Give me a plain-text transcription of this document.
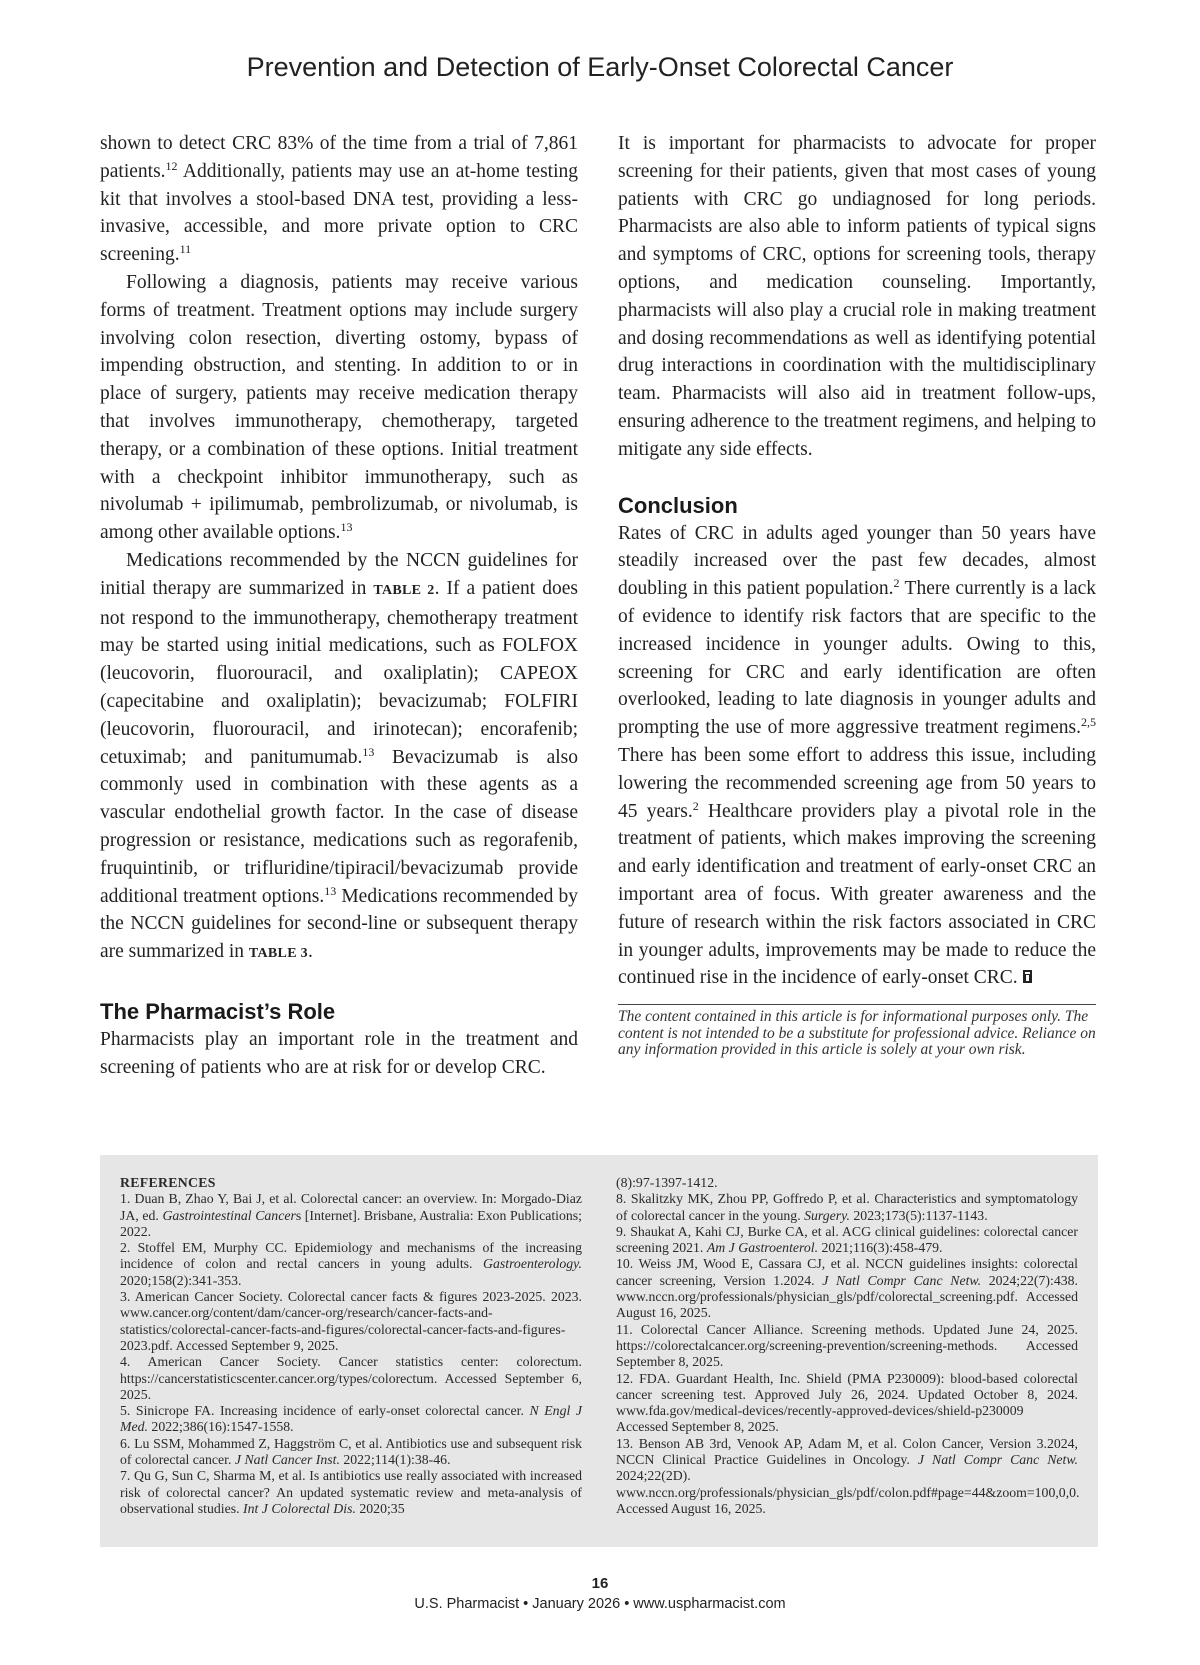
Prevention and Detection of Early-Onset Colorectal Cancer

shown to detect CRC 83% of the time from a trial of 7,861 patients.$^{12}$ Additionally, patients may use an at-home testing kit that involves a stool-based DNA test, providing a less-invasive, accessible, and more private option to CRC screening.$^{11}$

Following a diagnosis, patients may receive various forms of treatment. Treatment options may include surgery involving colon resection, diverting ostomy, bypass of impending obstruction, and stenting. In addition to or in place of surgery, patients may receive medication therapy that involves immunotherapy, chemotherapy, targeted therapy, or a combination of these options. Initial treatment with a checkpoint inhibitor immunotherapy, such as nivolumab + ipilimumab, pembrolizumab, or nivolumab, is among other available options.$^{13}$

Medications recommended by the NCCN guidelines for initial therapy are summarized in TABLE 2. If a patient does not respond to the immunotherapy, chemotherapy treatment may be started using initial medications, such as FOLFOX (leucovorin, fluorouracil, and oxaliplatin); CAPEOX (capecitabine and oxaliplatin); bevacizumab; FOLFIRI (leucovorin, fluorouracil, and irinotecan); encorafenib; cetuximab; and panitumumab.$^{13}$ Bevacizumab is also commonly used in combination with these agents as a vascular endothelial growth factor. In the case of disease progression or resistance, medications such as regorafenib, fruquintinib, or trifluridine/tipiracil/bevacizumab provide additional treatment options.$^{13}$ Medications recommended by the NCCN guidelines for second-line or subsequent therapy are summarized in TABLE 3.

The Pharmacist’s Role

Pharmacists play an important role in the treatment and screening of patients who are at risk for or develop CRC.

It is important for pharmacists to advocate for proper screening for their patients, given that most cases of young patients with CRC go undiagnosed for long periods. Pharmacists are also able to inform patients of typical signs and symptoms of CRC, options for screening tools, therapy options, and medication counseling. Importantly, pharmacists will also play a crucial role in making treatment and dosing recommendations as well as identifying potential drug interactions in coordination with the multidisciplinary team. Pharmacists will also aid in treatment follow-ups, ensuring adherence to the treatment regimens, and helping to mitigate any side effects.

Conclusion

Rates of CRC in adults aged younger than 50 years have steadily increased over the past few decades, almost doubling in this patient population.$^2$ There currently is a lack of evidence to identify risk factors that are specific to the increased incidence in younger adults. Owing to this, screening for CRC and early identification are often overlooked, leading to late diagnosis in younger adults and prompting the use of more aggressive treatment regimens.$^{2,5}$ There has been some effort to address this issue, including lowering the recommended screening age from 50 years to 45 years.$^2$ Healthcare providers play a pivotal role in the treatment of patients, which makes improving the screening and early identification and treatment of early-onset CRC an important area of focus. With greater awareness and the future of research within the risk factors associated in CRC in younger adults, improvements may be made to reduce the continued rise in the incidence of early-onset CRC.

The content contained in this article is for informational purposes only. The content is not intended to be a substitute for professional advice. Reliance on any information provided in this article is solely at your own risk.

REFERENCES

1. Duan B, Zhao Y, Bai J, et al. Colorectal cancer: an overview. In: Morgado-Diaz JA, ed. Gastrointestinal Cancers [Internet]. Brisbane, Australia: Exon Publications; 2022.

2. Stoffel EM, Murphy CC. Epidemiology and mechanisms of the increasing incidence of colon and rectal cancers in young adults. Gastroenterology. 2020;158(2):341-353.

3. American Cancer Society. Colorectal cancer facts & figures 2023-2025. 2023. www.cancer.org/content/dam/cancer-org/research/cancer-facts-and-statistics/colorectal-cancer-facts-and-figures/colorectal-cancer-facts-and-figures-2023.pdf. Accessed September 9, 2025.

4. American Cancer Society. Cancer statistics center: colorectum. https://cancerstatisticscenter.cancer.org/types/colorectum. Accessed September 6, 2025.

5. Sinicrope FA. Increasing incidence of early-onset colorectal cancer. N Engl J Med. 2022;386(16):1547-1558.

6. Lu SSM, Mohammed Z, Haggström C, et al. Antibiotics use and subsequent risk of colorectal cancer. J Natl Cancer Inst. 2022;114(1):38-46.

7. Qu G, Sun C, Sharma M, et al. Is antibiotics use really associated with increased risk of colorectal cancer? An updated systematic review and meta-analysis of observational studies. Int J Colorectal Dis. 2020;35

(8):97-1397-1412.

8. Skalitzky MK, Zhou PP, Goffredo P, et al. Characteristics and symptomatology of colorectal cancer in the young. Surgery. 2023;173(5):1137-1143.

9. Shaukat A, Kahi CJ, Burke CA, et al. ACG clinical guidelines: colorectal cancer screening 2021. Am J Gastroenterol. 2021;116(3):458-479.

10. Weiss JM, Wood E, Cassara CJ, et al. NCCN guidelines insights: colorectal cancer screening, Version 1.2024. J Natl Compr Canc Netw. 2024;22(7):438. www.nccn.org/professionals/physician_gls/pdf/colorectal_screening.pdf. Accessed August 16, 2025.

11. Colorectal Cancer Alliance. Screening methods. Updated June 24, 2025. https://colorectalcancer.org/screening-prevention/screening-methods. Accessed September 8, 2025.

12. FDA. Guardant Health, Inc. Shield (PMA P230009): blood-based colorectal cancer screening test. Approved July 26, 2024. Updated October 8, 2024. www.fda.gov/medical-devices/recently-approved-devices/shield-p230009 Accessed September 8, 2025.

13. Benson AB 3rd, Venook AP, Adam M, et al. Colon Cancer, Version 3.2024, NCCN Clinical Practice Guidelines in Oncology. J Natl Compr Canc Netw. 2024;22(2D). www.nccn.org/professionals/physician_gls/pdf/colon.pdf#page=44&zoom=100,0,0. Accessed August 16, 2025.

16
U.S. Pharmacist • January 2026 • www.uspharmacist.com
